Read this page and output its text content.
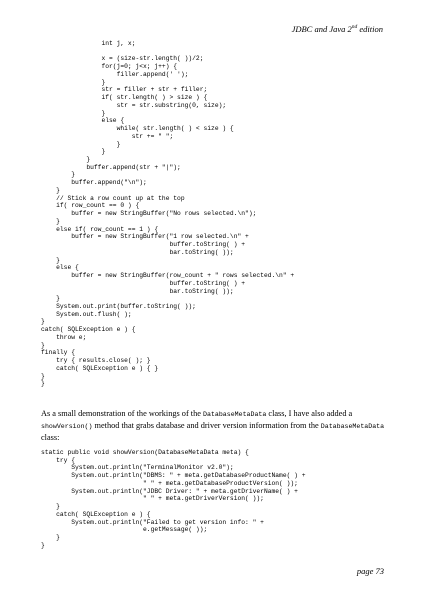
JDBC and Java 2nd edition
int j, x;

x = (size-str.length( ))/2;
for(j=0; j<x; j++) {
filler.append(' ');
}
str = filler + str + filler;
if( str.length( ) > size ) {
str = str.substring(0, size);
}
else {
while( str.length( ) < size ) {
str += " ";
}
}
}
buffer.append(str + "|");
}
buffer.append("\n");
}
// Stick a row count up at the top
if( row_count == 0 ) {
buffer = new StringBuffer("No rows selected.\n");
}
else if( row_count == 1 ) {
buffer = new StringBuffer("1 row selected.\n" +
buffer.toString( ) +
bar.toString( ));
}
else {
buffer = new StringBuffer(row_count + " rows selected.\n" +
buffer.toString( ) +
bar.toString( ));
}
System.out.print(buffer.toString( ));
System.out.flush( );
}
catch( SQLException e ) {
throw e;
}
finally {
try { results.close( ); }
catch( SQLException e ) { }
}
}

As a small demonstration of the workings of the DatabaseMetaData class, I have also added a showVersion() method that grabs database and driver version information from the DatabaseMetaData class:

static public void showVersion(DatabaseMetaData meta) {
try {
System.out.println("TerminalMonitor v2.0");
System.out.println("DBMS: " + meta.getDatabaseProductName( ) +
" " + meta.getDatabaseProductVersion( ));
System.out.println("JDBC Driver: " + meta.getDriverName( ) +
" " + meta.getDriverVersion( ));
}
catch( SQLException e ) {
System.out.println("Failed to get version info: " +
e.getMessage( ));
}
}

page 73
